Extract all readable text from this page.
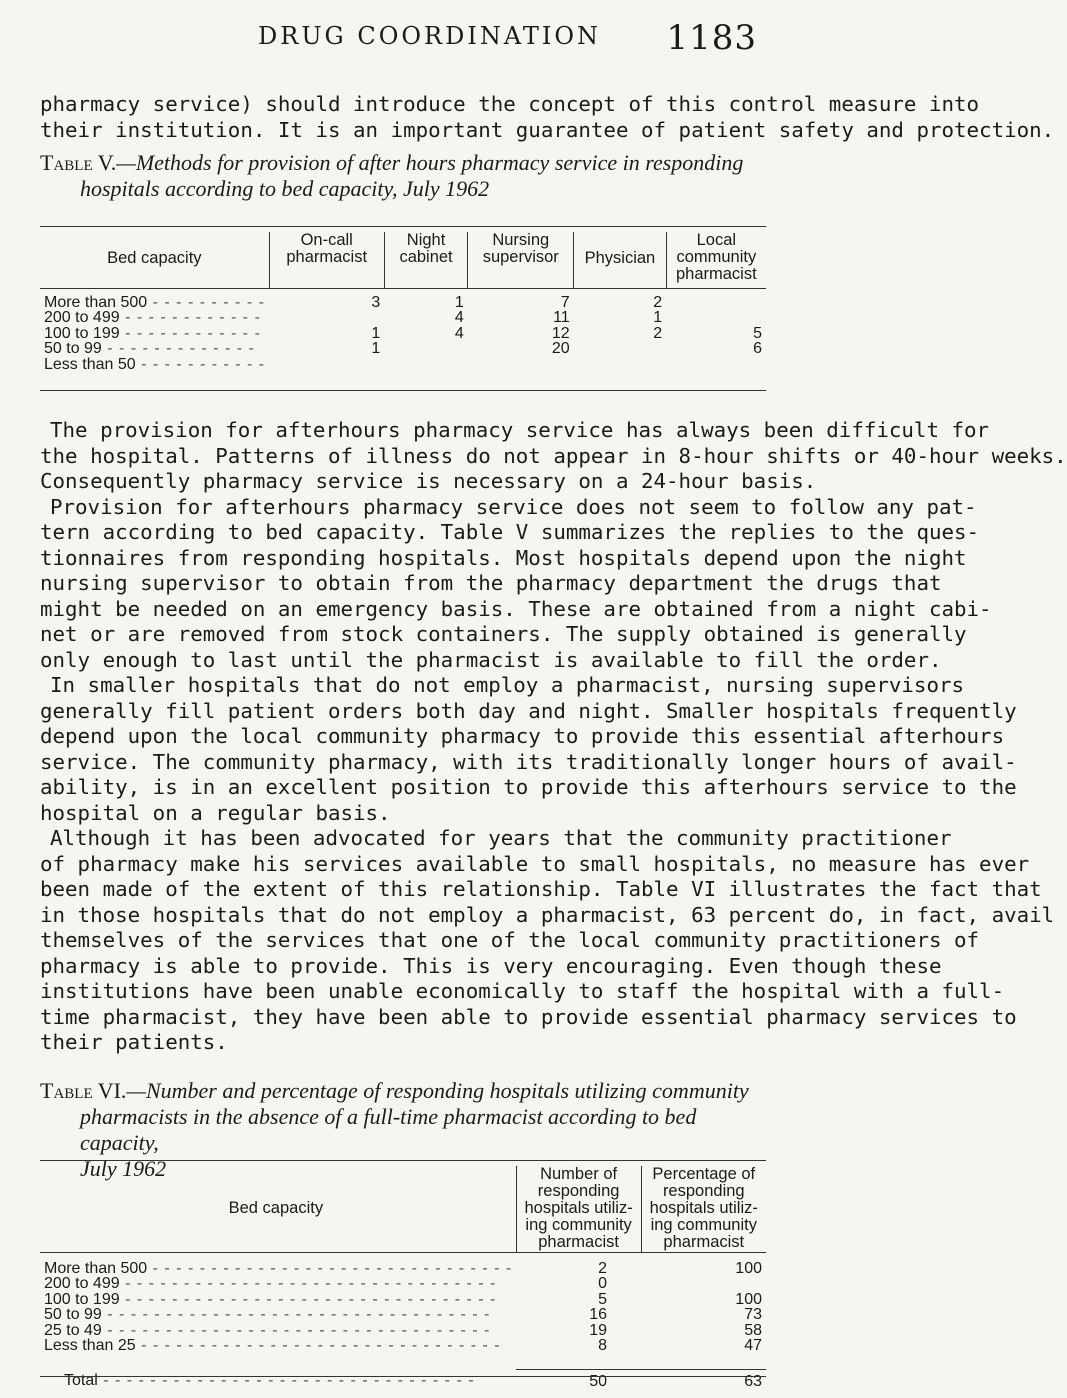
DRUG COORDINATION 1183
pharmacy service) should introduce the concept of this control measure into
their institution. It is an important guarantee of patient safety and protection.
Table V.—Methods for provision of after hours pharmacy service in responding
hospitals according to bed capacity, July 1962
Bed capacity	On-call pharmacist	Night cabinet	Nursing supervisor	Physician	Local community pharmacist

More than 500 - - - - - - - - - -	3	1	7	2	
200 to 499 - - - - - - - - - - - -		4	11	1	
100 to 199 - - - - - - - - - - - -	1	4	12	2	5
50 to 99 - - - - - - - - - - - - -	1		20		6
Less than 50 - - - - - - - - - - -					
The provision for afterhours pharmacy service has always been difficult for
the hospital. Patterns of illness do not appear in 8-hour shifts or 40-hour weeks.
Consequently pharmacy service is necessary on a 24-hour basis.
Provision for afterhours pharmacy service does not seem to follow any pat-
tern according to bed capacity. Table V summarizes the replies to the ques-
tionnaires from responding hospitals. Most hospitals depend upon the night
nursing supervisor to obtain from the pharmacy department the drugs that
might be needed on an emergency basis. These are obtained from a night cabi-
net or are removed from stock containers. The supply obtained is generally
only enough to last until the pharmacist is available to fill the order.
In smaller hospitals that do not employ a pharmacist, nursing supervisors
generally fill patient orders both day and night. Smaller hospitals frequently
depend upon the local community pharmacy to provide this essential afterhours
service. The community pharmacy, with its traditionally longer hours of avail-
ability, is in an excellent position to provide this afterhours service to the
hospital on a regular basis.
Although it has been advocated for years that the community practitioner
of pharmacy make his services available to small hospitals, no measure has ever
been made of the extent of this relationship. Table VI illustrates the fact that
in those hospitals that do not employ a pharmacist, 63 percent do, in fact, avail
themselves of the services that one of the local community practitioners of
pharmacy is able to provide. This is very encouraging. Even though these
institutions have been unable economically to staff the hospital with a full-
time pharmacist, they have been able to provide essential pharmacy services to
their patients.
Table VI.—Number and percentage of responding hospitals utilizing community
pharmacists in the absence of a full-time pharmacist according to bed capacity,
July 1962
Bed capacity	Number of responding hospitals utiliz-ing community pharmacist	Percentage of responding hospitals utiliz-ing community pharmacist

More than 500 - - - - - - - - - - - - - - - - - - - - - - - - - - - - - - -	2	100
200 to 499 - - - - - - - - - - - - - - - - - - - - - - - - - - - - - - - -	0	
100 to 199 - - - - - - - - - - - - - - - - - - - - - - - - - - - - - - - -	5	100
50 to 99 - - - - - - - - - - - - - - - - - - - - - - - - - - - - - - - - -	16	73
25 to 49 - - - - - - - - - - - - - - - - - - - - - - - - - - - - - - - - -	19	58
Less than 25 - - - - - - - - - - - - - - - - - - - - - - - - - - - - - - -	8	47

Total - - - - - - - - - - - - - - - - - - - - - - - - - - - - - - - -	50	63
